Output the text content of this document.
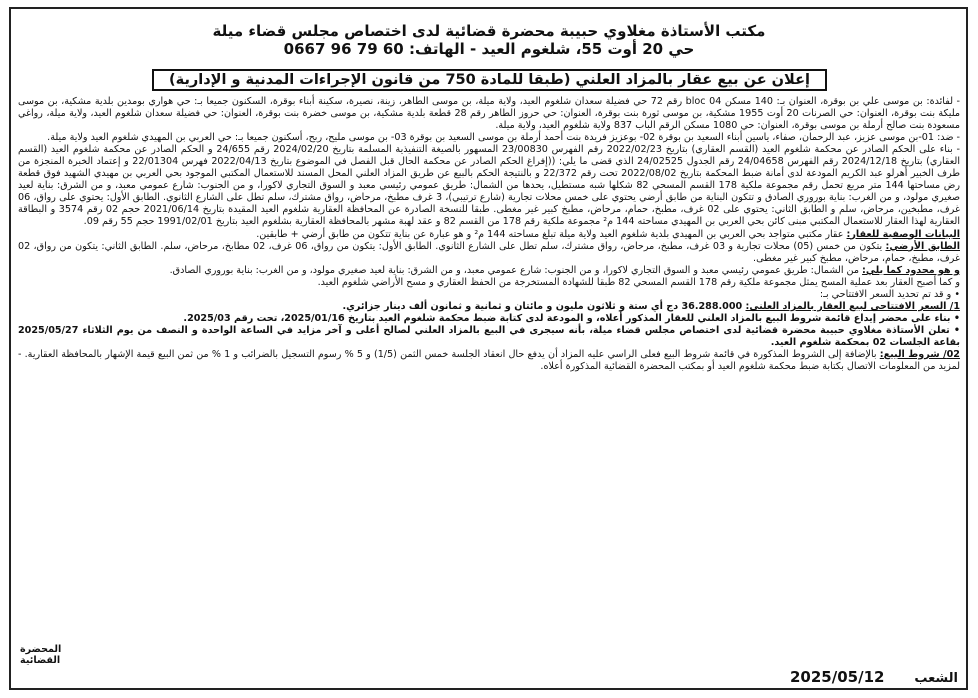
مكتب الأستاذة مغلاوي حبيبة محضرة قضائية لدى اختصاص مجلس قضاء ميلة
حي 20 أوت 55، شلغوم العيد - الهاتف: 60 79 96 0667
إعلان عن بيع عقار بالمزاد العلني (طبقا للمادة 750 من قانون الإجراءات المدنية و الإدارية)

- لفائدة: بن موسى علي بن بوقرة، العنوان بـ: 140 مسكن 04 bloc رقم 72 حي فضيلة سعدان شلغوم العيد، ولاية ميلة، بن موسى الطاهر، زينة، نصيرة، سكينة أبناء بوقرة، السكنون جميعا بـ: حي هواري بومدين بلدية مشكية، بن موسى مليكة بنت بوقرة، العنوان: حي الصرنات 20 أوت 1955 مشكية، بن موسى ثورة بنت بوقرة، العنوان: حي حروز الطاهر رقم 28 قطعة بلدية مشكية، بن موسى خضرة بنت بوقرة، العنوان: حي فضيلة سعدان شلغوم العيد، ولاية ميلة، رواغي مسعودة بنت صالح أرملة بن موسى بوقرة، العنوان: حي 1080 مسكن الرقم الباب 837 ولاية شلغوم العيد، ولاية ميلة.

- ضد: 01-بن موسى عزيز، عبد الرحمان، صفاء، ياسين أبناء السعيد بن بوقرة 02- بوعزيز فريدة بنت أحمد أرملة بن موسى السعيد بن بوقرة 03- بن موسى مليح، ربح، أسكنون جميعا بـ: حي العربي بن المهيدي شلغوم العيد ولاية ميلة.

- بناء على الحكم الصادر عن محكمة شلغوم العيد (القسم العقاري) بتاريخ 2022/02/23 رقم الفهرس 23/00830 المسهور بالصيغة التنفيذية المسلمة بتاريخ 2024/02/20 رقم 24/655 و الحكم الصادر عن محكمة شلغوم العيد (القسم العقاري) بتاريخ 2024/12/18 رقم الفهرس 24/04658 رقم الجدول 24/02525 الذي قضى ما يلي: ((إفراغ الحكم الصادر عن محكمة الحال قبل الفصل في الموضوع بتاريخ 2022/04/13 فهرس 22/01304 و إعتماد الخبرة المنجزة من طرف الخبير أهرلو عبد الكريم المودعة لدى أمانة ضبط المحكمة بتاريخ 2022/08/02 تحت رقم 22/372 و بالنتيجة الحكم بالبيع عن طريق المزاد العلني المحل المسند للاستعمال المكتبي الموجود بحي العربي بن مهيدي الشهيد فوق قطعة رض مساحتها 144 متر مربع تحمل رقم مجموعة ملكية 178 القسم المسحي 82 شكلها شبه مستطيل، يحدها من الشمال: طريق عمومي رئيسي معبد و السوق التجاري لاكورا، و من الجنوب: شارع عمومي معبد، و من الشرق: بناية لعيد صغيري مولود، و من الغرب: بناية بوروري الصادق و تتكون البناية من طابق أرضي يحتوي على خمس محلات تجارية (شارع ترتيبي)، 3 غرف مطبخ، مرحاض، رواق مشترك، سلم تطل على الشارع الثانوي. الطابق الأول: يحتوي على رواق، 06 غرف، مطبخين، مرحاض، سلم و الطابق الثاني: يحتوي على 02 غرف، مطبخ، حمام، مرحاض، مطبخ كبير غير مغطى. طبقا للنسخة الصادرة عن المحافظة العقارية شلغوم العيد المقيدة بتاريخ 2021/06/14 حجم 02 رقم 3574 و البطاقة العقارية لهذا العقار للاستعمال المكتبي مبنى كائن بحي العربي بن المهيدي مساحته 144 م² مجموعة ملكية رقم 178 من القسم 82 و عقد لهبة مشهر بالمحافظة العقارية بشلغوم العيد بتاريخ 1991/02/01 حجم 55 رقم 09.

البيانات الوصفية للعقار: عقار مكتبي متواجد بحي العربي بن المهيدي بلدية شلغوم العيد ولاية ميلة تبلغ مساحته 144 م² و هو عبارة عن بناية تتكون من طابق أرضي + طابقين.

الطابق الأرضي: يتكون من خمس (05) محلات تجارية و 03 غرف، مطبخ، مرحاض، رواق مشترك، سلم تطل على الشارع الثانوي. الطابق الأول: يتكون من رواق، 06 غرف، 02 مطابخ، مرحاض، سلم. الطابق الثاني: يتكون من رواق، 02 غرف، مطبخ، حمام، مرحاض، مطبخ كبير غير مغطى.

و هو محدود كما يلي: من الشمال: طريق عمومي رئيسي معبد و السوق التجاري لاكورا، و من الجنوب: شارع عمومي معبد، و من الشرق: بناية لعيد صغيري مولود، و من الغرب: بناية بوروري الصادق.

و كما أصبح العقار بعد عملية المسح يمثل مجموعة ملكية رقم 178 القسم المسحي 82 طبقا للشهادة المستخرجة من الحفظ العقاري و مسح الأراضي شلغوم العيد.

• و قد تم تحديد السعر الافتتاحي بـ:

1/ السعر الافتتاحي لبيع العقار بالمزاد العلني: 36.288.000 دج أي ستة و ثلاثون مليون و مائتان و ثمانية و ثمانون ألف دينار جزائري.

• بناء على محضر إيداع قائمة شروط البيع بالمزاد العلني للعقار المذكور أعلاه، و المودعة لدى كتابة ضبط محكمة شلغوم العيد بتاريخ 2025/01/16، تحت رقم 2025/03.

• تعلن الأستاذة مغلاوي حبيبة محضرة قضائية لدى اختصاص مجلس قضاء ميلة، بأنه سيجرى في البيع بالمزاد العلني لصالح أعلى و آخر مزايد في الساعة الواحدة و النصف من يوم الثلاثاء 2025/05/27 بقاعة الجلسات 02 بمحكمة شلغوم العيد.

02/ شروط البيع: بالإضافة إلى الشروط المذكورة في قائمة شروط البيع فعلى الراسي عليه المزاد أن يدفع حال انعقاد الجلسة خمس الثمن (1/5) و 5 % رسوم التسجيل بالضرائب و 1 % من ثمن البيع قيمة الإشهار بالمحافظة العقارية. - لمزيد من المعلومات الاتصال بكتابة ضبط محكمة شلغوم العيد أو بمكتب المحضرة القضائية المذكورة أعلاه.

المحضرة القضائية
الشعب
2025/05/12
